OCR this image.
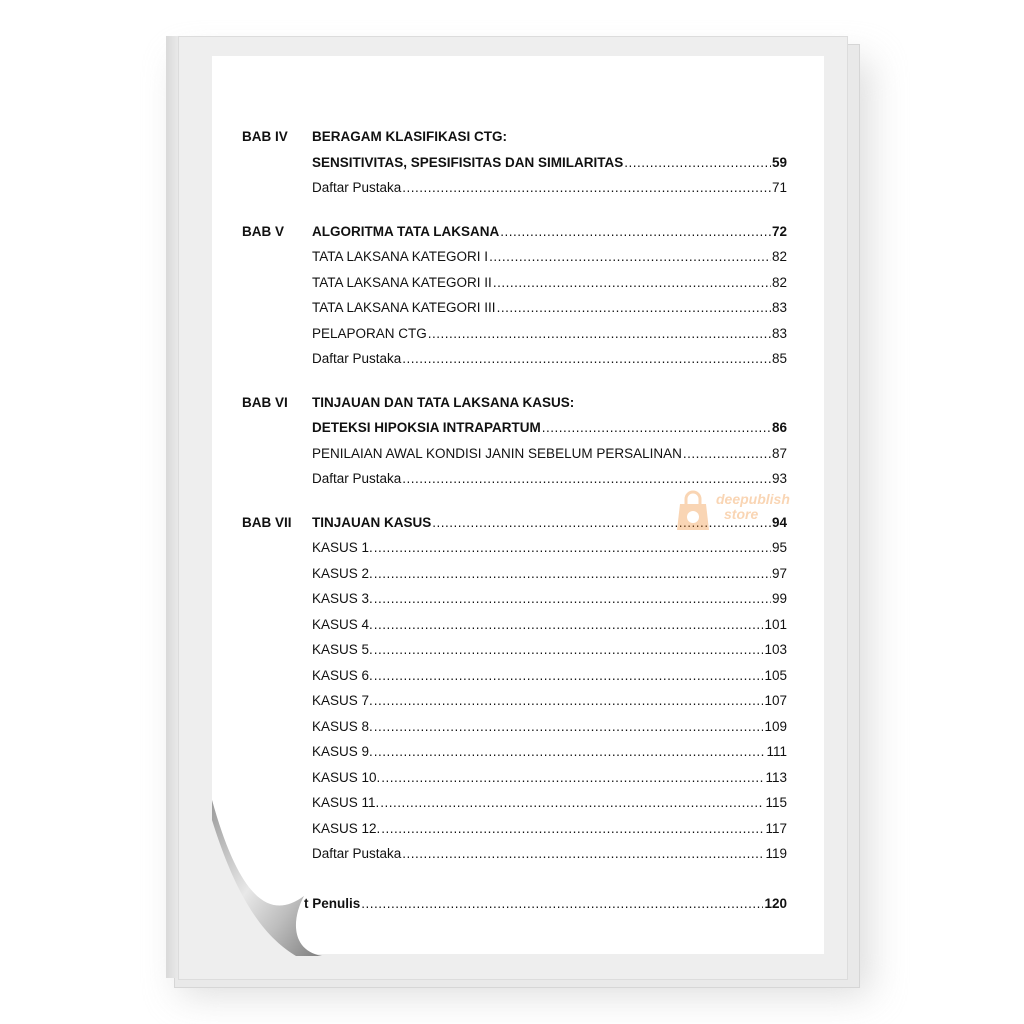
BAB IV	BERAGAM KLASIFIKASI CTG:
SENSITIVITAS, SPESIFISITAS DAN SIMILARITAS .....	59
Daftar Pustaka .....	71
BAB V	ALGORITMA TATA LAKSANA .....	72
TATA LAKSANA KATEGORI I .....	82
TATA LAKSANA KATEGORI II .....	82
TATA LAKSANA KATEGORI III .....	83
PELAPORAN CTG .....	83
Daftar Pustaka .....	85
BAB VI	TINJAUAN DAN TATA LAKSANA KASUS:
DETEKSI HIPOKSIA INTRAPARTUM .....	86
PENILAIAN AWAL KONDISI JANIN SEBELUM PERSALINAN .....	87
Daftar Pustaka .....	93
BAB VII	TINJAUAN KASUS .....	94
KASUS 1. .....	95
KASUS 2. .....	97
KASUS 3. .....	99
KASUS 4. .....	101
KASUS 5. .....	103
KASUS 6. .....	105
KASUS 7. .....	107
KASUS 8. .....	109
KASUS 9. .....	111
KASUS 10. .....	113
KASUS 11. .....	115
KASUS 12. .....	117
Daftar Pustaka .....	119
t Penulis .....	120
deepublish
store
